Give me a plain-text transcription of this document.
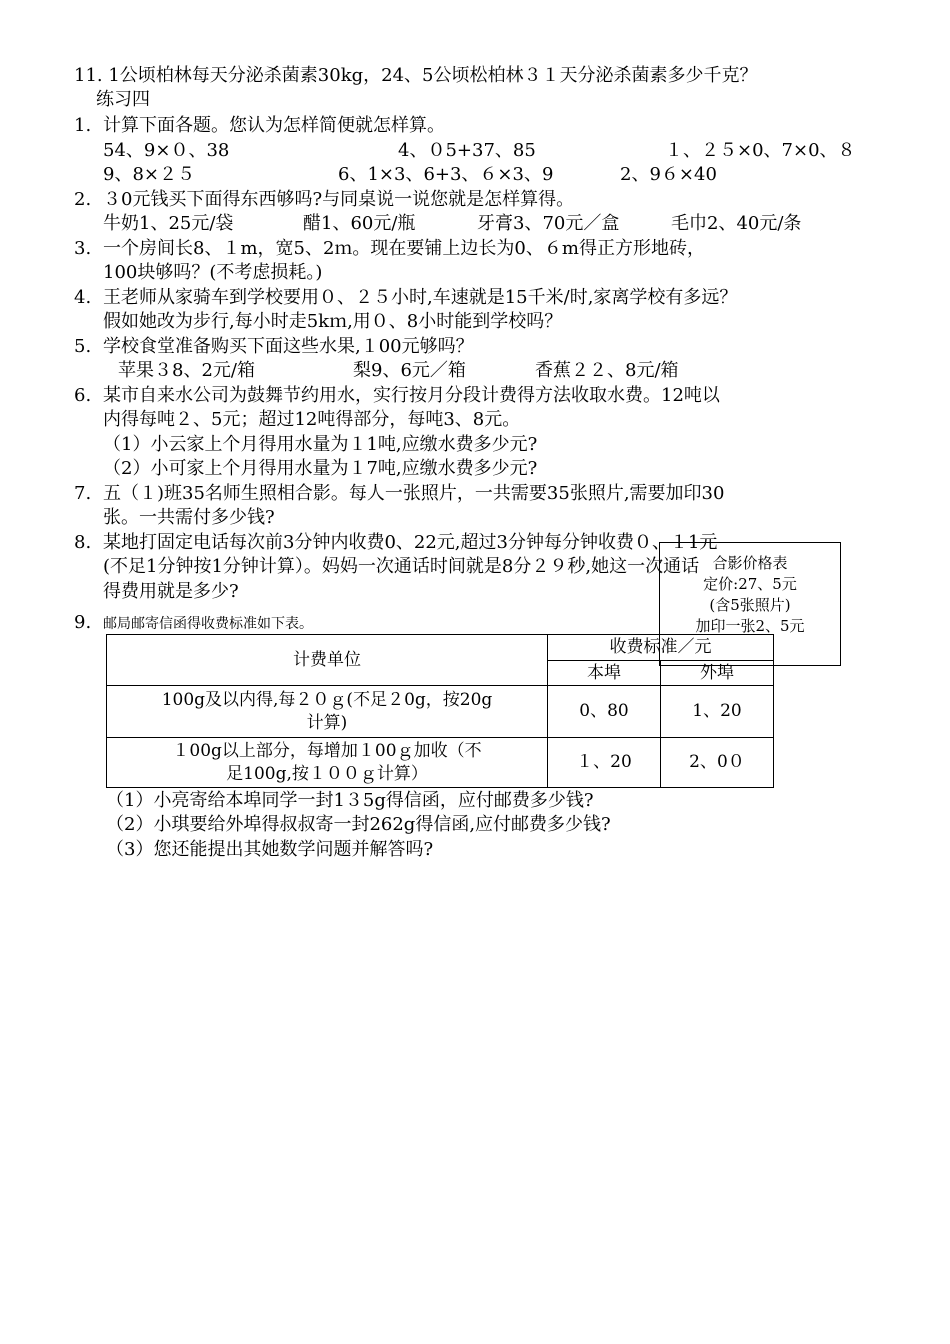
11. 1公顷柏林每天分泌杀菌素30kg，24、5公顷松柏林３１天分泌杀菌素多少千克？
练习四
1. 计算下面各题。您认为怎样简便就怎样算。
54、9×０、38	4、０5+37、85	１、２５×0、7×0、８
9、8×２５	6、1×3、6+3、６×3、9	2、9６×40
2. ３0元钱买下面得东西够吗?与同桌说一说您就是怎样算得。
牛奶1、25元/袋	醋1、60元/瓶	牙膏3、70元／盒	毛巾2、40元/条
3. 一个房间长8、１m，宽5、2ｍ。现在要铺上边长为0、６m得正方形地砖，
100块够吗？(不考虑损耗。)
4. 王老师从家骑车到学校要用０、２５小时,车速就是15千米/时,家离学校有多远？
假如她改为步行,每小时走5kｍ,用０、8小时能到学校吗？
5. 学校食堂准备购买下面这些水果,１00元够吗？
苹果３8、2元/箱	梨9、6元／箱	香蕉２２、8元/箱
6. 某市自来水公司为鼓舞节约用水，实行按月分段计费得方法收取水费。12吨以
内得每吨２、5元；超过12吨得部分，每吨3、8元。
（1）小云家上个月得用水量为１1吨,应缴水费多少元?
（2）小可家上个月得用水量为１7吨,应缴水费多少元?
7. 五（１)班35名师生照相合影。每人一张照片，一共需要35张照片,需要加印30
张。一共需付多少钱?
8. 某地打固定电话每次前3分钟内收费0、22元,超过3分钟每分钟收费０、１1元
(不足1分钟按1分钟计算）。妈妈一次通话时间就是8分２９秒,她这一次通话
得费用就是多少?
合影价格表
定价:27、5元
(含5张照片)
加印一张2、5元
9. 邮局邮寄信函得收费标准如下表。
计费单位	收费标准／元	
	本埠	外埠

100g及以内得,每２０ｇ(不足２0g，按20g
计算)	0、80	1、20

１00g以上部分，每增加１00ｇ加收（不
足100g,按１００ｇ计算）	１、20	2、0０
（1）小亮寄给本埠同学一封1３5g得信函，应付邮费多少钱?
（2）小琪要给外埠得叔叔寄一封262g得信函,应付邮费多少钱?
（3）您还能提出其她数学问题并解答吗?
